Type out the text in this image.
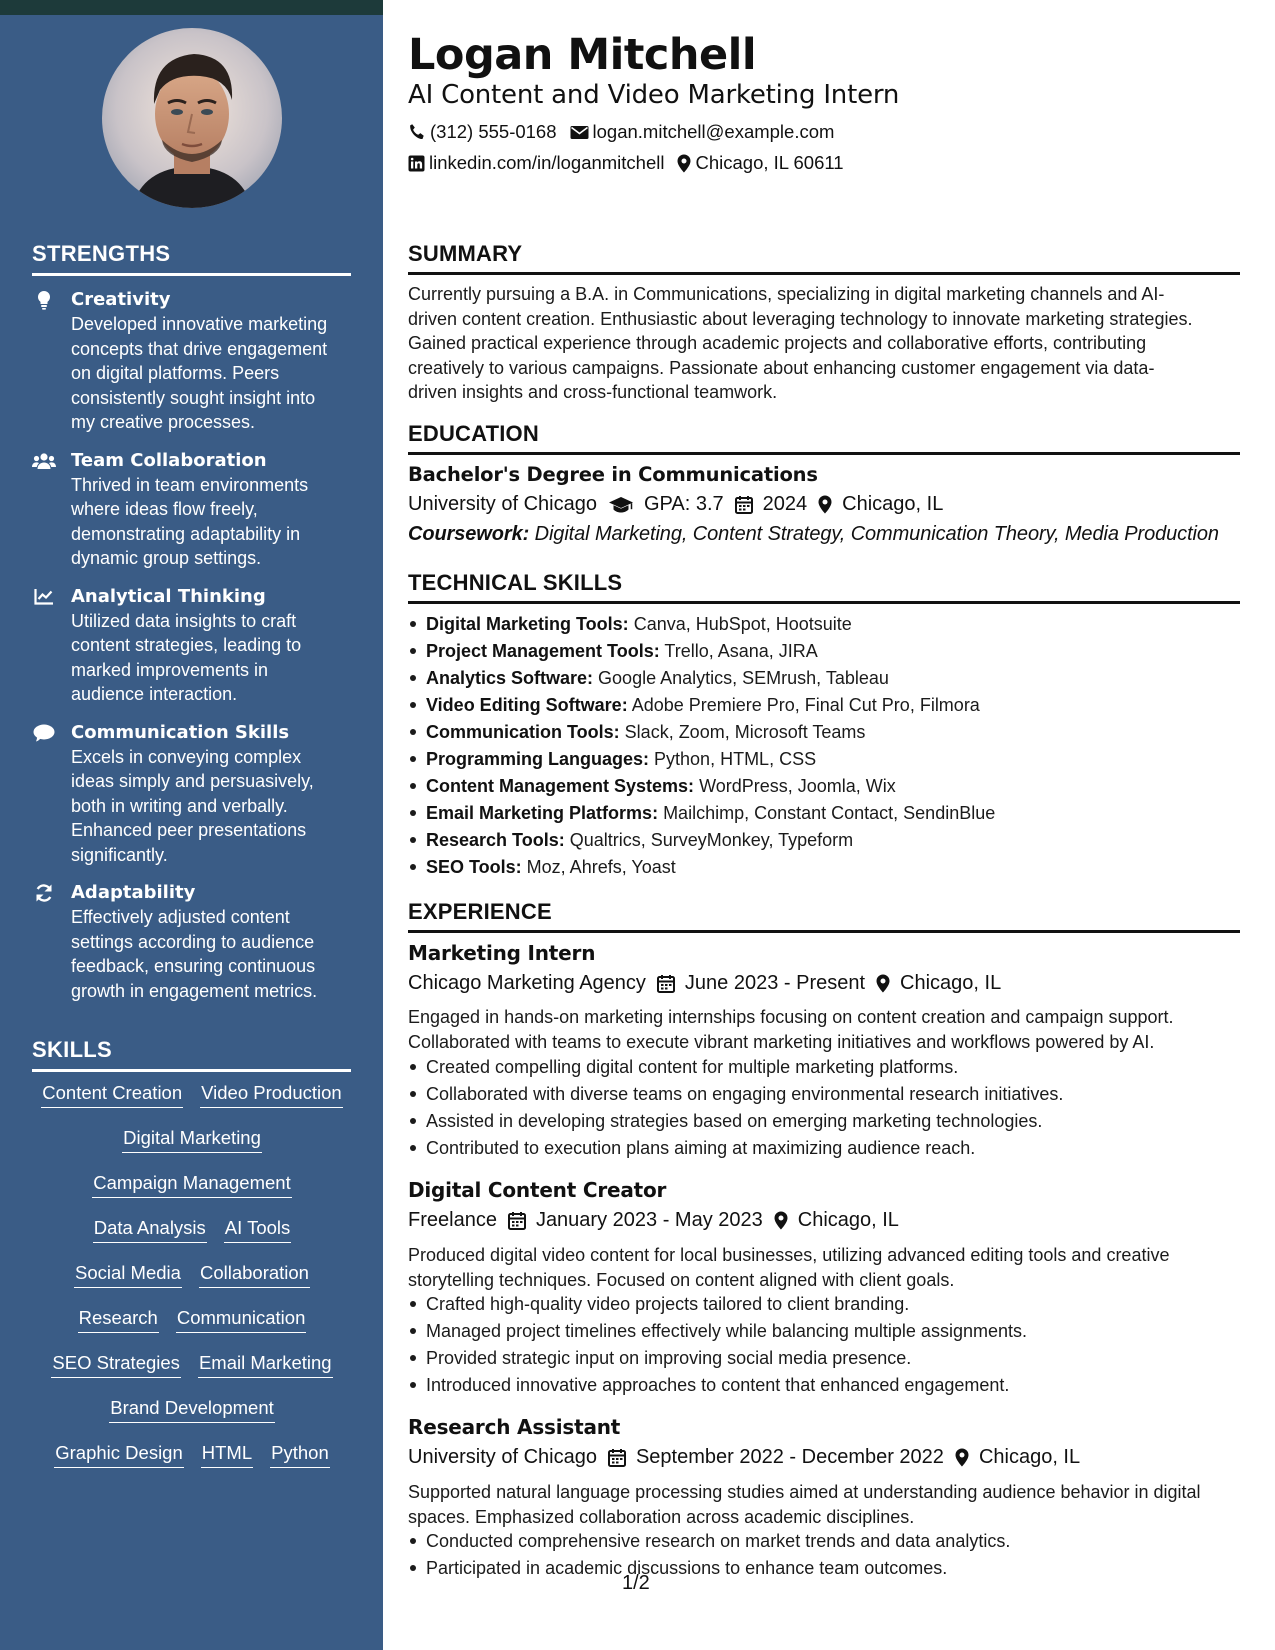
STRENGTHS
Creativity
Developed innovative marketing
concepts that drive engagement
on digital platforms. Peers
consistently sought insight into
my creative processes.
Team Collaboration
Thrived in team environments
where ideas flow freely,
demonstrating adaptability in
dynamic group settings.
Analytical Thinking
Utilized data insights to craft
content strategies, leading to
marked improvements in
audience interaction.
Communication Skills
Excels in conveying complex
ideas simply and persuasively,
both in writing and verbally.
Enhanced peer presentations
significantly.
Adaptability
Effectively adjusted content
settings according to audience
feedback, ensuring continuous
growth in engagement metrics.
SKILLS
Content Creation Video Production
Digital Marketing
Campaign Management
Data Analysis AI Tools
Social Media Collaboration
Research Communication
SEO Strategies Email Marketing
Brand Development
Graphic Design HTML Python
Logan Mitchell
AI Content and Video Marketing Intern
(312) 555-0168 logan.mitchell@example.com
linkedin.com/in/loganmitchell Chicago, IL 60611
SUMMARY
Currently pursuing a B.A. in Communications, specializing in digital marketing channels and AI-
driven content creation. Enthusiastic about leveraging technology to innovate marketing strategies.
Gained practical experience through academic projects and collaborative efforts, contributing
creatively to various campaigns. Passionate about enhancing customer engagement via data-
driven insights and cross-functional teamwork.
EDUCATION
Bachelor's Degree in Communications
University of Chicago GPA: 3.7 2024 Chicago, IL
Coursework: Digital Marketing, Content Strategy, Communication Theory, Media Production
TECHNICAL SKILLS
Digital Marketing Tools: Canva, HubSpot, Hootsuite
Project Management Tools: Trello, Asana, JIRA
Analytics Software: Google Analytics, SEMrush, Tableau
Video Editing Software: Adobe Premiere Pro, Final Cut Pro, Filmora
Communication Tools: Slack, Zoom, Microsoft Teams
Programming Languages: Python, HTML, CSS
Content Management Systems: WordPress, Joomla, Wix
Email Marketing Platforms: Mailchimp, Constant Contact, SendinBlue
Research Tools: Qualtrics, SurveyMonkey, Typeform
SEO Tools: Moz, Ahrefs, Yoast
EXPERIENCE
Marketing Intern
Chicago Marketing Agency June 2023 - Present Chicago, IL
Engaged in hands-on marketing internships focusing on content creation and campaign support.
Collaborated with teams to execute vibrant marketing initiatives and workflows powered by AI.
Created compelling digital content for multiple marketing platforms.
Collaborated with diverse teams on engaging environmental research initiatives.
Assisted in developing strategies based on emerging marketing technologies.
Contributed to execution plans aiming at maximizing audience reach.
Digital Content Creator
Freelance January 2023 - May 2023 Chicago, IL
Produced digital video content for local businesses, utilizing advanced editing tools and creative
storytelling techniques. Focused on content aligned with client goals.
Crafted high-quality video projects tailored to client branding.
Managed project timelines effectively while balancing multiple assignments.
Provided strategic input on improving social media presence.
Introduced innovative approaches to content that enhanced engagement.
Research Assistant
University of Chicago September 2022 - December 2022 Chicago, IL
Supported natural language processing studies aimed at understanding audience behavior in digital
spaces. Emphasized collaboration across academic disciplines.
Conducted comprehensive research on market trends and data analytics.
Participated in academic discussions to enhance team outcomes.
1/2
